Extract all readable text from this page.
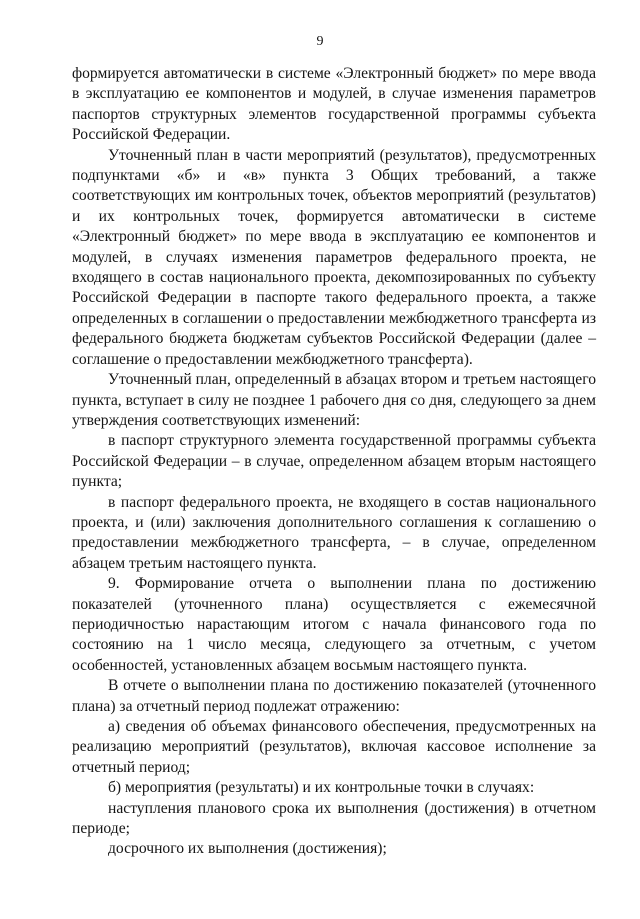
9

формируется автоматически в системе «Электронный бюджет» по мере ввода в эксплуатацию ее компонентов и модулей, в случае изменения параметров паспортов структурных элементов государственной программы субъекта Российской Федерации.

Уточненный план в части мероприятий (результатов), предусмотренных подпунктами «б» и «в» пункта 3 Общих требований, а также соответствующих им контрольных точек, объектов мероприятий (результатов) и их контрольных точек, формируется автоматически в системе «Электронный бюджет» по мере ввода в эксплуатацию ее компонентов и модулей, в случаях изменения параметров федерального проекта, не входящего в состав национального проекта, декомпозированных по субъекту Российской Федерации в паспорте такого федерального проекта, а также определенных в соглашении о предоставлении межбюджетного трансферта из федерального бюджета бюджетам субъектов Российской Федерации (далее – соглашение о предоставлении межбюджетного трансферта).

Уточненный план, определенный в абзацах втором и третьем настоящего пункта, вступает в силу не позднее 1 рабочего дня со дня, следующего за днем утверждения соответствующих изменений:

в паспорт структурного элемента государственной программы субъекта Российской Федерации – в случае, определенном абзацем вторым настоящего пункта;

в паспорт федерального проекта, не входящего в состав национального проекта, и (или) заключения дополнительного соглашения к соглашению о предоставлении межбюджетного трансферта, – в случае, определенном абзацем третьим настоящего пункта.

9. Формирование отчета о выполнении плана по достижению показателей (уточненного плана) осуществляется с ежемесячной периодичностью нарастающим итогом с начала финансового года по состоянию на 1 число месяца, следующего за отчетным, с учетом особенностей, установленных абзацем восьмым настоящего пункта.

В отчете о выполнении плана по достижению показателей (уточненного плана) за отчетный период подлежат отражению:

а) сведения об объемах финансового обеспечения, предусмотренных на реализацию мероприятий (результатов), включая кассовое исполнение за отчетный период;

б) мероприятия (результаты) и их контрольные точки в случаях:

наступления планового срока их выполнения (достижения) в отчетном периоде;

досрочного их выполнения (достижения);
